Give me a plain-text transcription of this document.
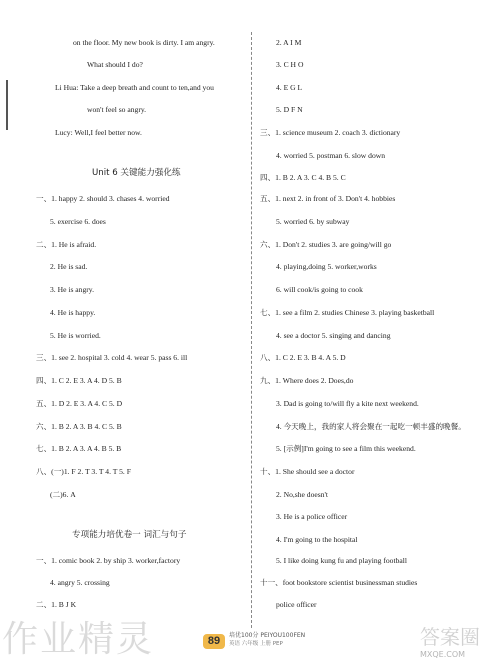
on the floor. My new book is dirty. I am angry.
What should I do?
Li Hua: Take a deep breath and count to ten,and you
won't feel so angry.
Lucy: Well,I feel better now.
Unit 6 关键能力强化练
一、1. happy 2. should 3. chases 4. worried
5. exercise 6. does
二、1. He is afraid.
2. He is sad.
3. He is angry.
4. He is happy.
5. He is worried.
三、1. see 2. hospital 3. cold 4. wear 5. pass 6. ill
四、1. C 2. E 3. A 4. D 5. B
五、1. D 2. E 3. A 4. C 5. D
六、1. B 2. A 3. B 4. C 5. B
七、1. B 2. A 3. A 4. B 5. B
八、(一)1. F 2. T 3. T 4. T 5. F
(二)6. A
专项能力培优卷一 词汇与句子
一、1. comic book 2. by ship 3. worker,factory
4. angry 5. crossing
二、1. B J K
2. A I M
3. C H O
4. E G L
5. D F N
三、1. science museum 2. coach 3. dictionary
4. worried 5. postman 6. slow down
四、1. B 2. A 3. C 4. B 5. C
五、1. next 2. in front of 3. Don't 4. hobbies
5. worried 6. by subway
六、1. Don't 2. studies 3. are going/will go
4. playing,doing 5. worker,works
6. will cook/is going to cook
七、1. see a film 2. studies Chinese 3. playing basketball
4. see a doctor 5. singing and dancing
八、1. C 2. E 3. B 4. A 5. D
九、1. Where does 2. Does,do
3. Dad is going to/will fly a kite next weekend.
4. 今天晚上，我的家人将会聚在一起吃一顿丰盛的晚餐。
5. [示例]I'm going to see a film this weekend.
十、1. She should see a doctor
2. No,she doesn't
3. He is a police officer
4. I'm going to the hospital
5. I like doing kung fu and playing football
十一、foot bookstore scientist businessman studies
police officer
作业精灵	89	培优100分 PEIYOU100FEN
英语 六年级 上册 PEP	答案圈
MXQE.COM
